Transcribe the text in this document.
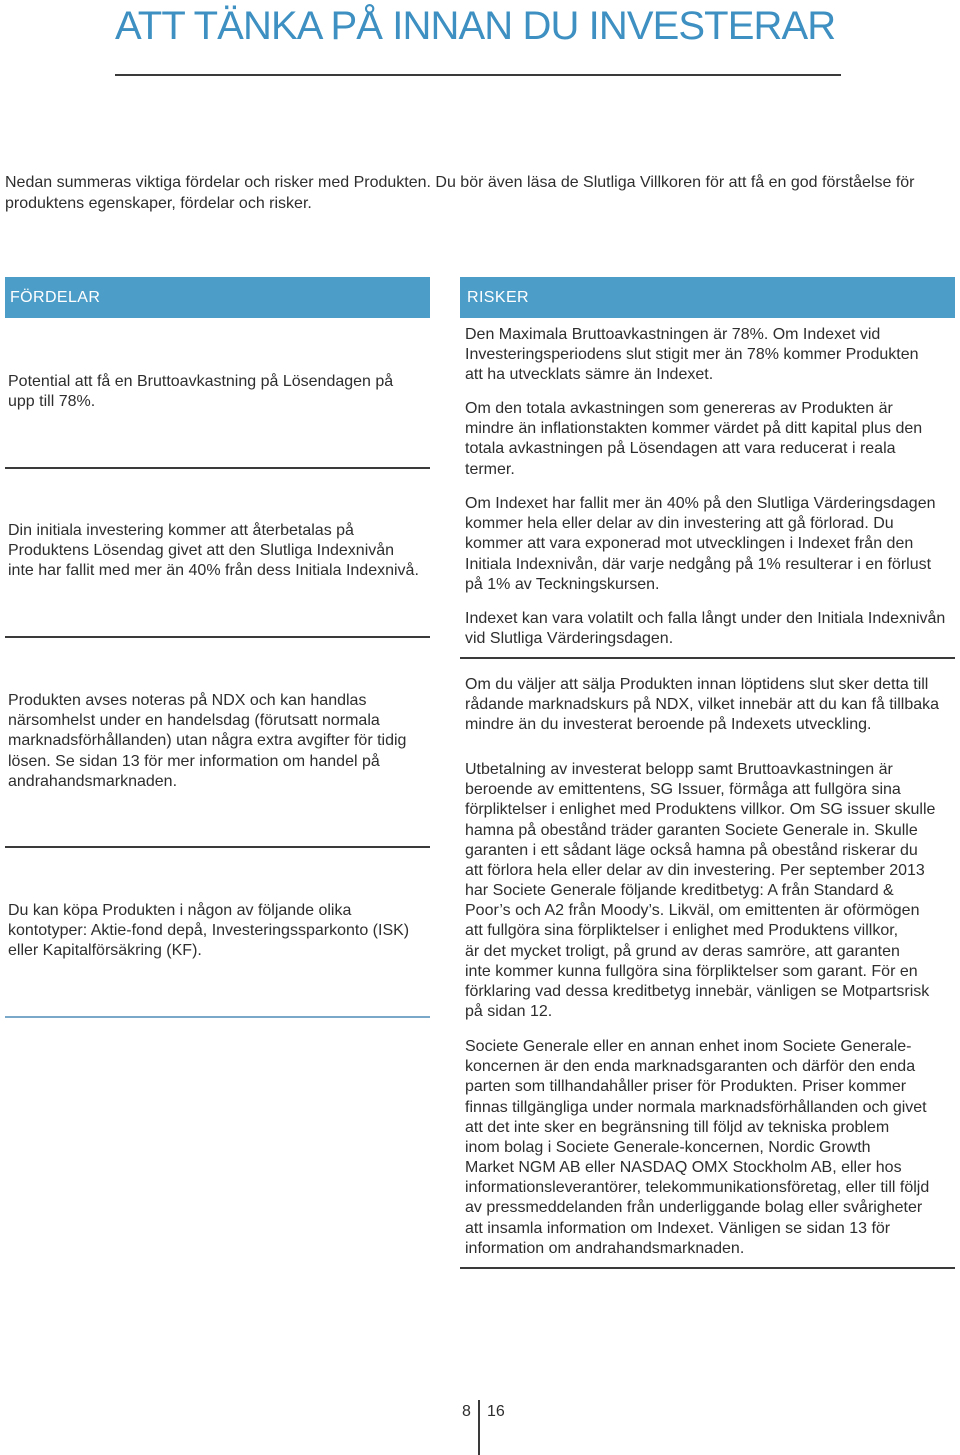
ATT TÄNKA PÅ INNAN DU INVESTERAR

Nedan summeras viktiga fördelar och risker med Produkten. Du bör även läsa de Slutliga Villkoren för att få en god förståelse för
produktens egenskaper, fördelar och risker.

FÖRDELAR

Potential att få en Bruttoavkastning på Lösendagen på
upp till 78%.

Din initiala investering kommer att återbetalas på
Produktens Lösendag givet att den Slutliga Indexnivån
inte har fallit med mer än 40% från dess Initiala Indexnivå.

Produkten avses noteras på NDX och kan handlas
närsomhelst under en handelsdag (förutsatt normala
marknadsförhållanden) utan några extra avgifter för tidig
lösen. Se sidan 13 för mer information om handel på
andrahandsmarknaden.

Du kan köpa Produkten i någon av följande olika
kontotyper: Aktie-fond depå, Investeringssparkonto (ISK)
eller Kapitalförsäkring (KF).

RISKER

Den Maximala Bruttoavkastningen är 78%. Om Indexet vid
Investeringsperiodens slut stigit mer än 78% kommer Produkten
att ha utvecklats sämre än Indexet.

Om den totala avkastningen som genereras av Produkten är
mindre än inflationstakten kommer värdet på ditt kapital plus den
totala avkastningen på Lösendagen att vara reducerat i reala
termer.

Om Indexet har fallit mer än 40% på den Slutliga Värderingsdagen
kommer hela eller delar av din investering att gå förlorad. Du
kommer att vara exponerad mot utvecklingen i Indexet från den
Initiala Indexnivån, där varje nedgång på 1% resulterar i en förlust
på 1% av Teckningskursen.

Indexet kan vara volatilt och falla långt under den Initiala Indexnivån
vid Slutliga Värderingsdagen.

Om du väljer att sälja Produkten innan löptidens slut sker detta till
rådande marknadskurs på NDX, vilket innebär att du kan få tillbaka
mindre än du investerat beroende på Indexets utveckling.

Utbetalning av investerat belopp samt Bruttoavkastningen är
beroende av emittentens, SG Issuer, förmåga att fullgöra sina
förpliktelser i enlighet med Produktens villkor. Om SG issuer skulle
hamna på obestånd träder garanten Societe Generale in. Skulle
garanten i ett sådant läge också hamna på obestånd riskerar du
att förlora hela eller delar av din investering. Per september 2013
har Societe Generale följande kreditbetyg: A från Standard &
Poor’s och A2 från Moody’s. Likväl, om emittenten är oförmögen
att fullgöra sina förpliktelser i enlighet med Produktens villkor,
är det mycket troligt, på grund av deras samröre, att garanten
inte kommer kunna fullgöra sina förpliktelser som garant. För en
förklaring vad dessa kreditbetyg innebär, vänligen se Motpartsrisk
på sidan 12.

Societe Generale eller en annan enhet inom Societe Generale-
koncernen är den enda marknadsgaranten och därför den enda
parten som tillhandahåller priser för Produkten. Priser kommer
finnas tillgängliga under normala marknadsförhållanden och givet
att det inte sker en begränsning till följd av tekniska problem
inom bolag i Societe Generale-koncernen, Nordic Growth
Market NGM AB eller NASDAQ OMX Stockholm AB, eller hos
informationsleverantörer, telekommunikationsföretag, eller till följd
av pressmeddelanden från underliggande bolag eller svårigheter
att insamla information om Indexet. Vänligen se sidan 13 för
information om andrahandsmarknaden.

8 16
